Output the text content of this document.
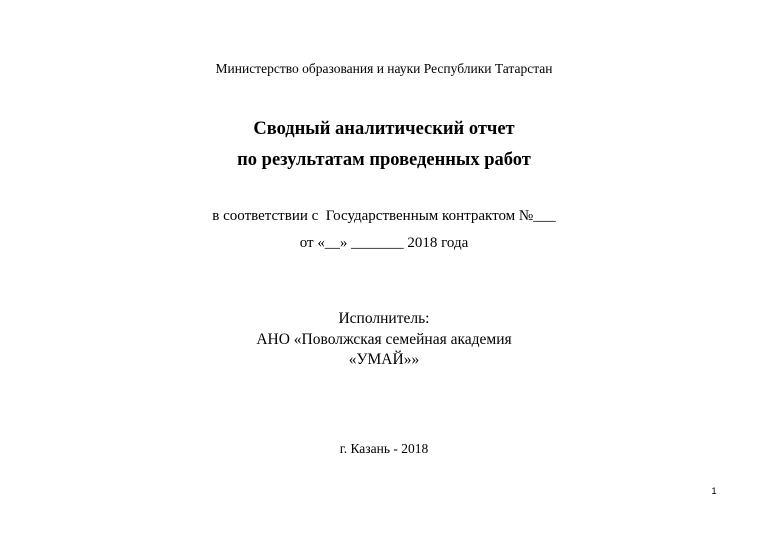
Министерство образования и науки Республики Татарстан
Сводный аналитический отчет
по результатам проведенных работ
в соответствии с  Государственным контрактом №___
от «__» _______ 2018 года
Исполнитель:
АНО «Поволжская семейная академия
«УМАЙ»»
г. Казань - 2018
1
